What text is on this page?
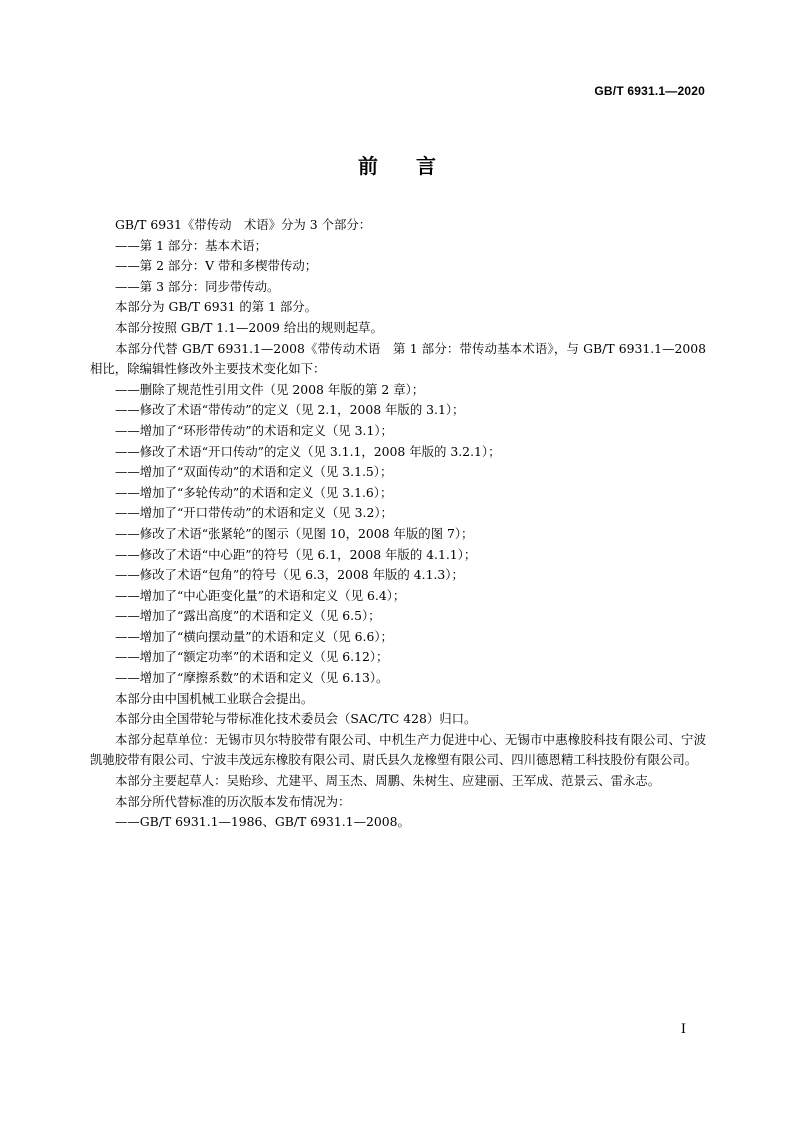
GB/T 6931.1—2020
前 言

GB/T 6931《带传动　术语》分为 3 个部分：

——第 1 部分：基本术语；

——第 2 部分：V 带和多楔带传动；

——第 3 部分：同步带传动。

本部分为 GB/T 6931 的第 1 部分。

本部分按照 GB/T 1.1—2009 给出的规则起草。

本部分代替 GB/T 6931.1—2008《带传动术语　第 1 部分：带传动基本术语》，与 GB/T 6931.1—2008 相比，除编辑性修改外主要技术变化如下：

——删除了规范性引用文件（见 2008 年版的第 2 章）；

——修改了术语“带传动”的定义（见 2.1，2008 年版的 3.1）；

——增加了“环形带传动”的术语和定义（见 3.1）；

——修改了术语“开口传动”的定义（见 3.1.1，2008 年版的 3.2.1）；

——增加了“双面传动”的术语和定义（见 3.1.5）；

——增加了“多轮传动”的术语和定义（见 3.1.6）；

——增加了“开口带传动”的术语和定义（见 3.2）；

——修改了术语“张紧轮”的图示（见图 10，2008 年版的图 7）；

——修改了术语“中心距”的符号（见 6.1，2008 年版的 4.1.1）；

——修改了术语“包角”的符号（见 6.3，2008 年版的 4.1.3）；

——增加了“中心距变化量”的术语和定义（见 6.4）；

——增加了“露出高度”的术语和定义（见 6.5）；

——增加了“横向摆动量”的术语和定义（见 6.6）；

——增加了“额定功率”的术语和定义（见 6.12）；

——增加了“摩擦系数”的术语和定义（见 6.13）。

本部分由中国机械工业联合会提出。

本部分由全国带轮与带标准化技术委员会（SAC/TC 428）归口。

本部分起草单位：无锡市贝尔特胶带有限公司、中机生产力促进中心、无锡市中惠橡胶科技有限公司、宁波凯驰胶带有限公司、宁波丰茂远东橡胶有限公司、尉氏县久龙橡塑有限公司、四川德恩精工科技股份有限公司。

本部分主要起草人：吴贻珍、尤建平、周玉杰、周鹏、朱树生、应建丽、王军成、范景云、雷永志。

本部分所代替标准的历次版本发布情况为：

——GB/T 6931.1—1986、GB/T 6931.1—2008。

I
